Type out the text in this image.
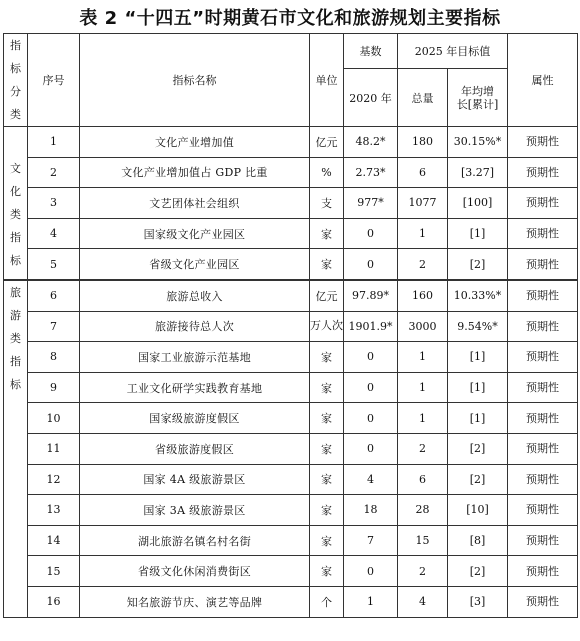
表 2 “十四五”时期黄石市文化和旅游规划主要指标
指标分类	序号	指标名称	单位	基数	2025 年目标值		属性
				2020 年	总量	年均增长[累计]	
文化类指标	1	文化产业增加值	亿元	48.2*	180	30.15%*	预期性
	2	文化产业增加值占 GDP 比重	%	2.73*	6	[3.27]	预期性
	3	文艺团体社会组织	支	977*	1077	[100]	预期性
	4	国家级文化产业园区	家	0	1	[1]	预期性
	5	省级文化产业园区	家	0	2	[2]	预期性
旅游类指标	6	旅游总收入	亿元	97.89*	160	10.33%*	预期性
	7	旅游接待总人次	万人次	1901.9*	3000	9.54%*	预期性
	8	国家工业旅游示范基地	家	0	1	[1]	预期性
	9	工业文化研学实践教育基地	家	0	1	[1]	预期性
	10	国家级旅游度假区	家	0	1	[1]	预期性
	11	省级旅游度假区	家	0	2	[2]	预期性
	12	国家 4A 级旅游景区	家	4	6	[2]	预期性
	13	国家 3A 级旅游景区	家	18	28	[10]	预期性
	14	湖北旅游名镇名村名街	家	7	15	[8]	预期性
	15	省级文化休闲消费街区	家	0	2	[2]	预期性
	16	知名旅游节庆、演艺等品牌	个	1	4	[3]	预期性
